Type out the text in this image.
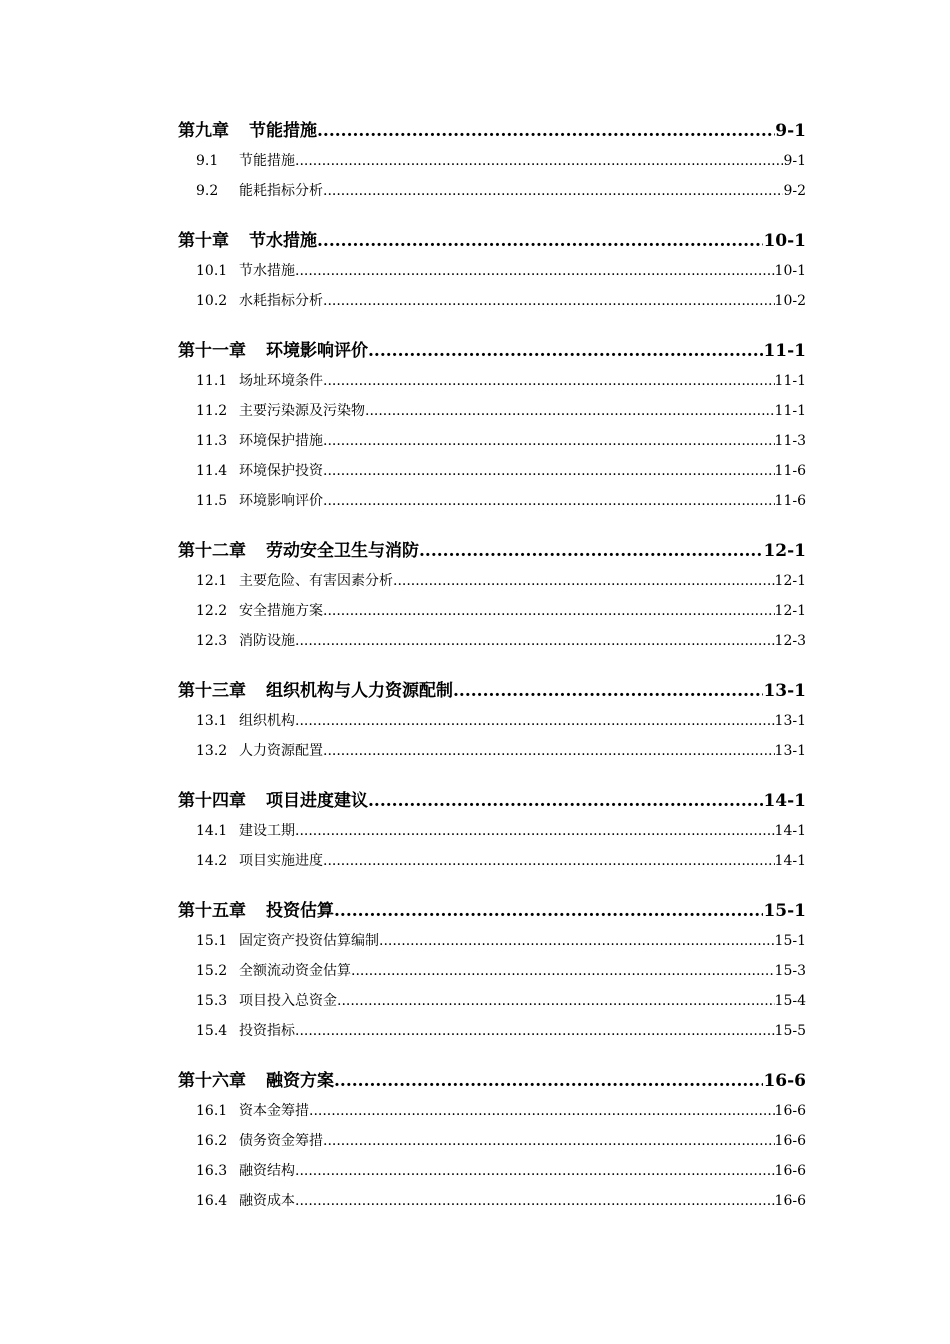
第九章 节能措施 .....	9-1
9.1	节能措施 .....	9-1
9.2	能耗指标分析 .....	9-2
第十章 节水措施 .....	10-1
10.1 节水措施 .....	10-1
10.2 水耗指标分析 .....	10-2
第十一章 环境影响评价 .....	11-1
11.1 场址环境条件 .....	11-1
11.2 主要污染源及污染物 .....	11-1
11.3 环境保护措施 .....	11-3
11.4 环境保护投资 .....	11-6
11.5 环境影响评价 .....	11-6
第十二章 劳动安全卫生与消防 .....	12-1
12.1 主要危险、有害因素分析 .....	12-1
12.2 安全措施方案 .....	12-1
12.3 消防设施 .....	12-3
第十三章 组织机构与人力资源配制 .....	13-1
13.1 组织机构 .....	13-1
13.2 人力资源配置 .....	13-1
第十四章 项目进度建议 .....	14-1
14.1 建设工期 .....	14-1
14.2 项目实施进度 .....	14-1
第十五章 投资估算 .....	15-1
15.1 固定资产投资估算编制 .....	15-1
15.2 全额流动资金估算 .....	15-3
15.3 项目投入总资金 .....	15-4
15.4 投资指标 .....	15-5
第十六章 融资方案 .....	16-6
16.1 资本金筹措 .....	16-6
16.2 债务资金筹措 .....	16-6
16.3 融资结构 .....	16-6
16.4 融资成本 .....	16-6
